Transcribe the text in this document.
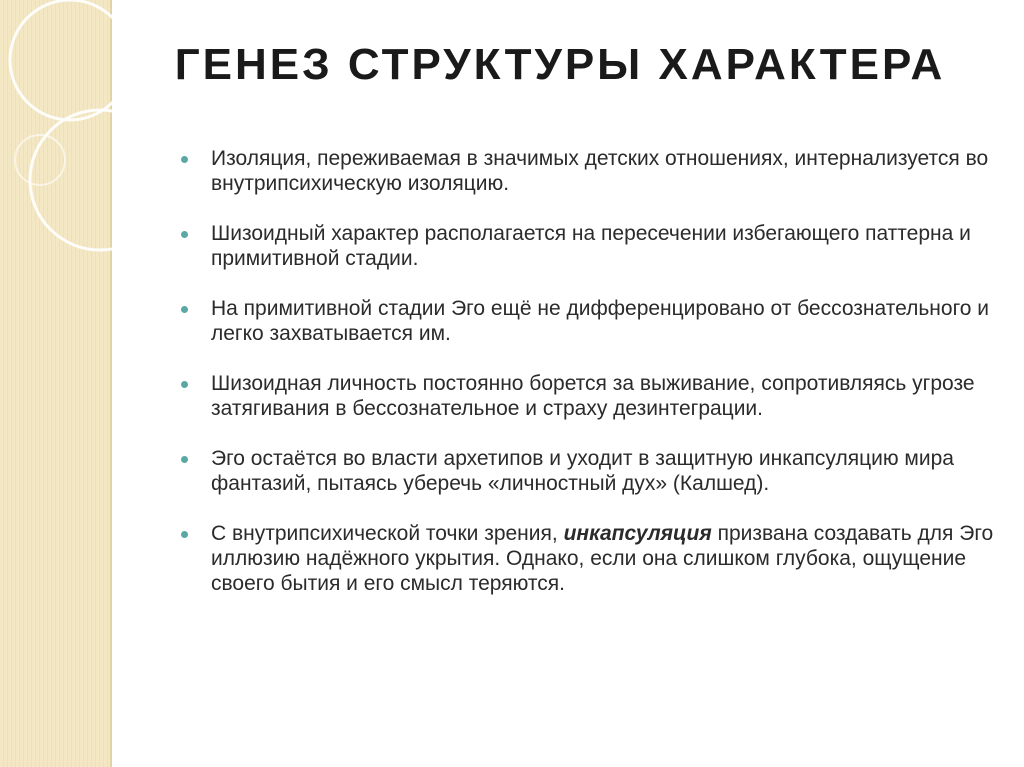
ГЕНЕЗ СТРУКТУРЫ ХАРАКТЕРА
Изоляция, переживаемая в значимых детских отношениях, интернализуется во внутрипсихическую изоляцию.
Шизоидный характер располагается на пересечении избегающего паттерна и примитивной стадии.
На примитивной стадии Эго ещё не дифференцировано от бессознательного и легко захватывается им.
Шизоидная личность постоянно борется за выживание, сопротивляясь угрозе затягивания в бессознательное и страху дезинтеграции.
Эго остаётся во власти архетипов и уходит в защитную инкапсуляцию мира фантазий, пытаясь уберечь «личностный дух» (Калшед).
С внутрипсихической точки зрения, инкапсуляция призвана создавать для Эго иллюзию надёжного укрытия. Однако, если она слишком глубока, ощущение своего бытия и его смысл теряются.
